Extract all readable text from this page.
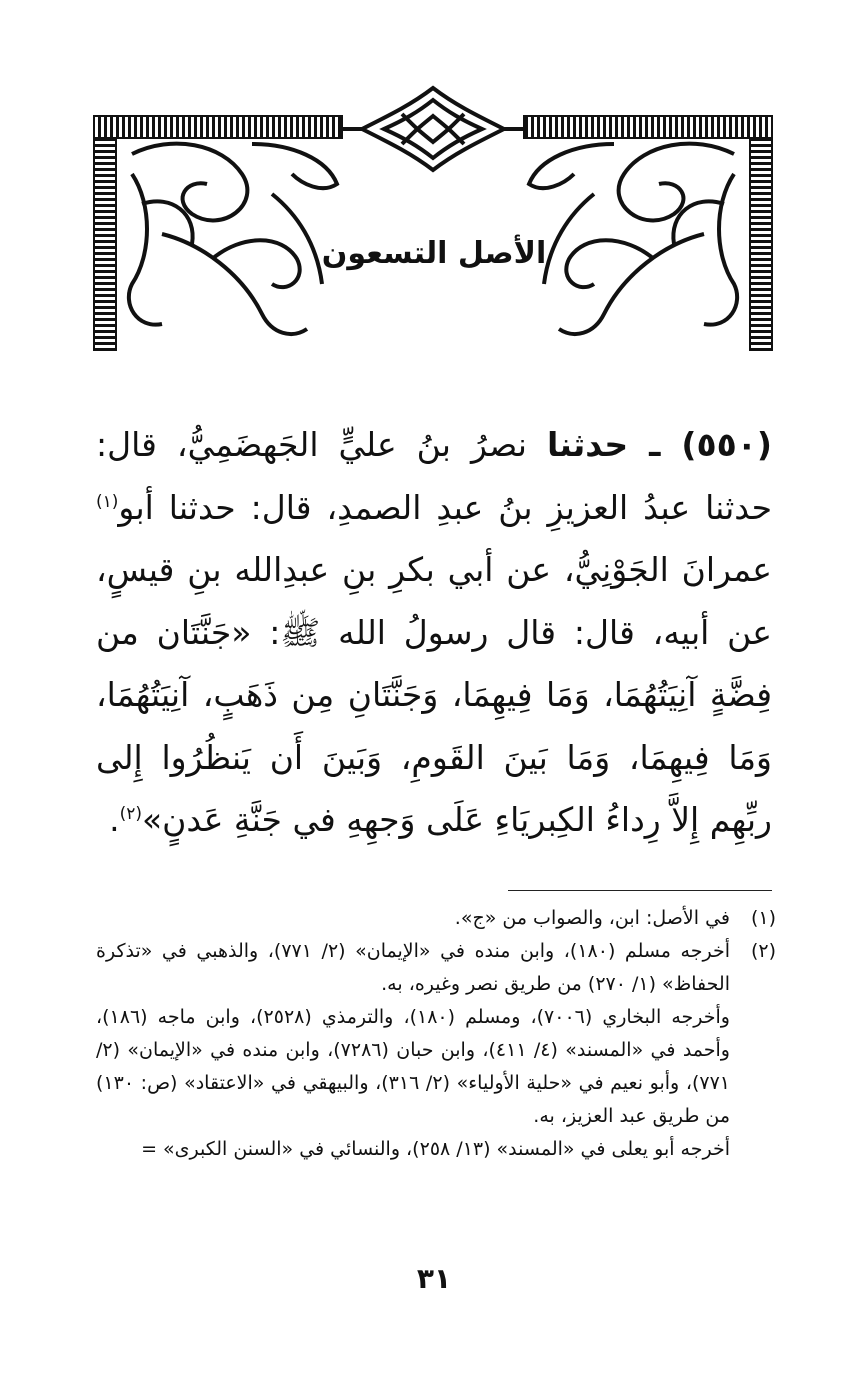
الأصل التسعون
(٥٥٠) ـ حدثنا نصرُ بنُ عليٍّ الجَهضَمِيُّ، قال: حدثنا عبدُ العزيزِ بنُ عبدِ الصمدِ، قال: حدثنا أبو$^{(١)}$ عمرانَ الجَوْنِيُّ، عن أبي بكرِ بنِ عبدِالله بنِ قيسٍ، عن أبيه، قال: قال رسولُ الله ﷺ: «جَنَّتَان من فِضَّةٍ آنِيَتُهُمَا، وَمَا فِيهِمَا، وَجَنَّتَانِ مِن ذَهَبٍ، آنِيَتُهُمَا، وَمَا فِيهِمَا، وَمَا بَينَ القَومِ، وَبَينَ أَن يَنظُرُوا إِلى ربِّهِم إِلاَّ رِداءُ الكِبريَاءِ عَلَى وَجهِهِ في جَنَّةِ عَدنٍ»$^{(٢)}$.
(١)
في الأصل: ابن، والصواب من «ج».
(٢)
أخرجه مسلم (١٨٠)، وابن منده في «الإيمان» (٢/ ٧٧١)، والذهبي في «تذكرة الحفاظ» (١/ ٢٧٠) من طريق نصر وغيره، به.
وأخرجه البخاري (٧٠٠٦)، ومسلم (١٨٠)، والترمذي (٢٥٢٨)، وابن ماجه (١٨٦)، وأحمد في «المسند» (٤/ ٤١١)، وابن حبان (٧٢٨٦)، وابن منده في «الإيمان» (٢/ ٧٧١)، وأبو نعيم في «حلية الأولياء» (٢/ ٣١٦)، والبيهقي في «الاعتقاد» (ص: ١٣٠) من طريق عبد العزيز، به.
أخرجه أبو يعلى في «المسند» (١٣/ ٢٥٨)، والنسائي في «السنن الكبرى» =
٣١
